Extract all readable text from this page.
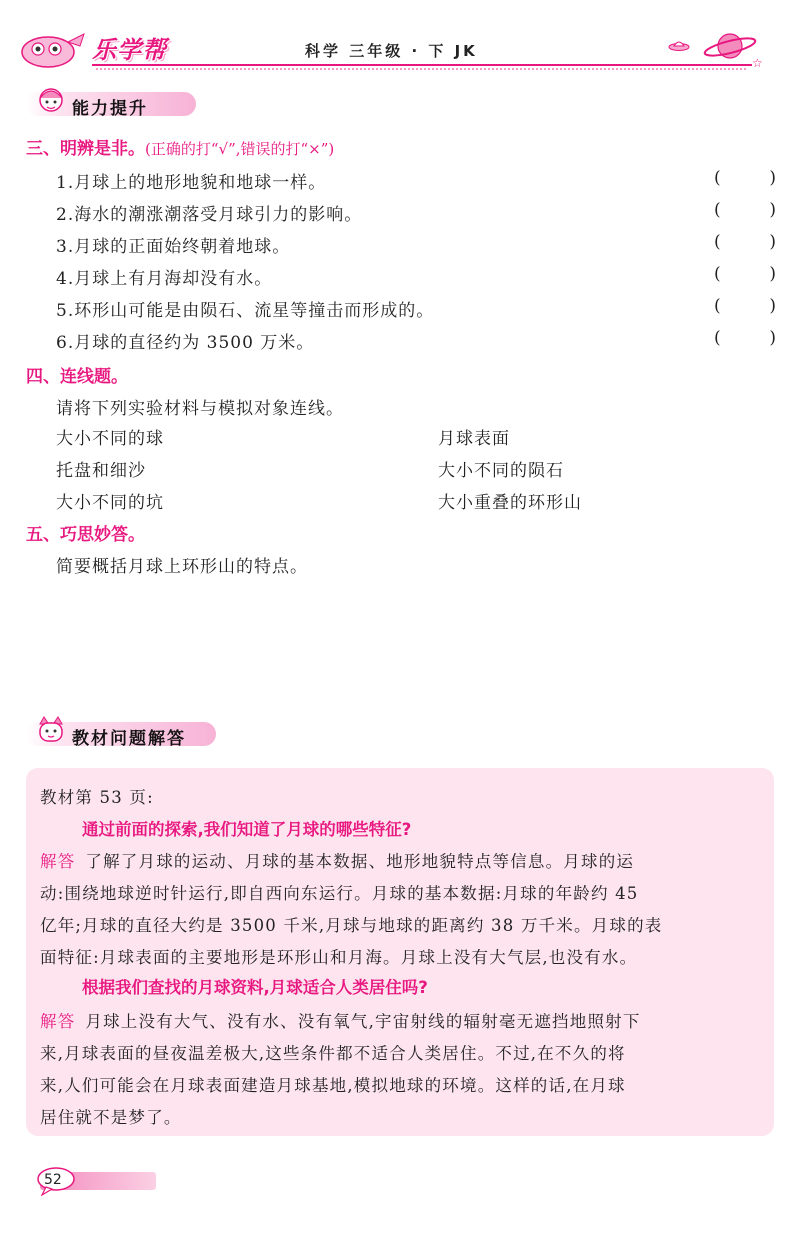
乐学帮	科学 三年级 · 下 JK
☆
能力提升
三、明辨是非。(正确的打“√”,错误的打“×”)
1.月球上的地形地貌和地球一样。	(	)
2.海水的潮涨潮落受月球引力的影响。	(	)
3.月球的正面始终朝着地球。	(	)
4.月球上有月海却没有水。	(	)
5.环形山可能是由陨石、流星等撞击而形成的。	(	)
6.月球的直径约为 3500 万米。	(	)
四、连线题。
请将下列实验材料与模拟对象连线。
大小不同的球	月球表面
托盘和细沙	大小不同的陨石
大小不同的坑	大小重叠的环形山
五、巧思妙答。
简要概括月球上环形山的特点。
教材问题解答
教材第 53 页:
通过前面的探索,我们知道了月球的哪些特征?
解答 了解了月球的运动、月球的基本数据、地形地貌特点等信息。月球的运
动:围绕地球逆时针运行,即自西向东运行。月球的基本数据:月球的年龄约 45
亿年;月球的直径大约是 3500 千米,月球与地球的距离约 38 万千米。月球的表
面特征:月球表面的主要地形是环形山和月海。月球上没有大气层,也没有水。
根据我们查找的月球资料,月球适合人类居住吗?
解答 月球上没有大气、没有水、没有氧气,宇宙射线的辐射毫无遮挡地照射下
来,月球表面的昼夜温差极大,这些条件都不适合人类居住。不过,在不久的将
来,人们可能会在月球表面建造月球基地,模拟地球的环境。这样的话,在月球
居住就不是梦了。
52
